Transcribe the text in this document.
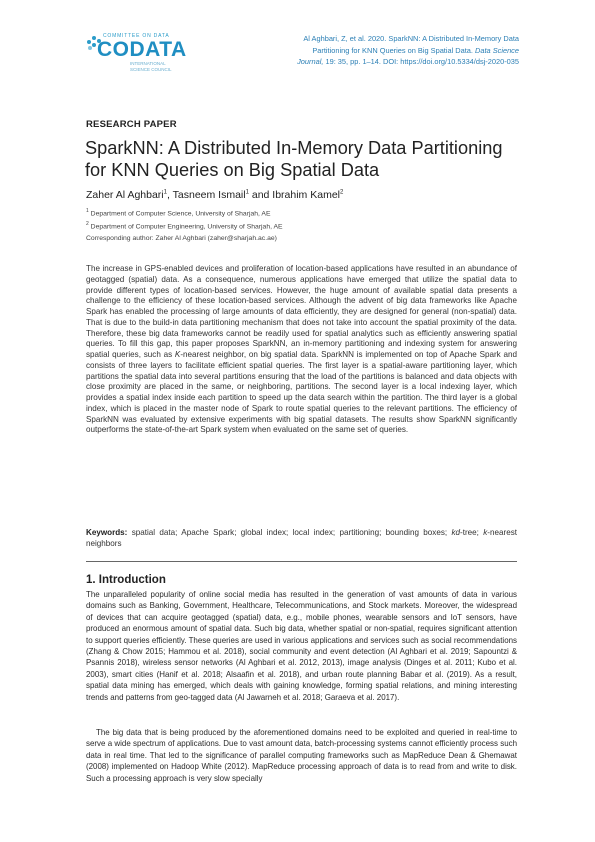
COMMITTEE ON DATA
CODATA
INTERNATIONAL
SCIENCE COUNCIL
Al Aghbari, Z, et al. 2020. SparkNN: A Distributed In-Memory Data
Partitioning for KNN Queries on Big Spatial Data. Data Science
Journal, 19: 35, pp. 1–14. DOI: https://doi.org/10.5334/dsj-2020-035
RESEARCH PAPER
SparkNN: A Distributed In-Memory Data Partitioning
for KNN Queries on Big Spatial Data
Zaher Al Aghbari$^1$, Tasneem Ismail$^1$ and Ibrahim Kamel$^2$
$^1$ Department of Computer Science, University of Sharjah, AE
$^2$ Department of Computer Engineering, University of Sharjah, AE
Corresponding author: Zaher Al Aghbari (zaher@sharjah.ac.ae)

The increase in GPS-enabled devices and proliferation of location-based applications have resulted in an abundance of geotagged (spatial) data. As a consequence, numerous applications have emerged that utilize the spatial data to provide different types of location-based services. However, the huge amount of available spatial data presents a challenge to the efficiency of these location-based services. Although the advent of big data frameworks like Apache Spark has enabled the processing of large amounts of data efficiently, they are designed for general (non-spatial) data. That is due to the build-in data partitioning mechanism that does not take into account the spatial proximity of the data. Therefore, these big data frameworks cannot be readily used for spatial analytics such as efficiently answering spatial queries. To fill this gap, this paper proposes SparkNN, an in-memory partitioning and indexing system for answering spatial queries, such as K-nearest neighbor, on big spatial data. SparkNN is implemented on top of Apache Spark and consists of three layers to facilitate efficient spatial queries. The first layer is a spatial-aware partitioning layer, which partitions the spatial data into several partitions ensuring that the load of the partitions is balanced and data objects with close proximity are placed in the same, or neighboring, partitions. The second layer is a local indexing layer, which provides a spatial index inside each partition to speed up the data search within the partition. The third layer is a global index, which is placed in the master node of Spark to route spatial queries to the relevant partitions. The efficiency of SparkNN was evaluated by extensive experiments with big spatial datasets. The results show SparkNN significantly outperforms the state-of-the-art Spark system when evaluated on the same set of queries.

Keywords: spatial data; Apache Spark; global index; local index; partitioning; bounding boxes; kd-tree; k-nearest neighbors

1. Introduction

The unparalleled popularity of online social media has resulted in the generation of vast amounts of data in various domains such as Banking, Government, Healthcare, Telecommunications, and Stock markets. Moreover, the widespread of devices that can acquire geotagged (spatial) data, e.g., mobile phones, wearable sensors and IoT sensors, have produced an enormous amount of spatial data. Such big data, whether spatial or non-spatial, requires significant attention to support queries efficiently. These queries are used in various applications and services such as social recommendations (Zhang & Chow 2015; Hammou et al. 2018), social community and event detection (Al Aghbari et al. 2019; Sapountzi & Psannis 2018), wireless sensor networks (Al Aghbari et al. 2012, 2013), image analysis (Dinges et al. 2011; Kubo et al. 2003), smart cities (Hanif et al. 2018; Alsaafin et al. 2018), and urban route planning Babar et al. (2019). As a result, spatial data mining has emerged, which deals with gaining knowledge, forming spatial relations, and mining interesting trends and patterns from geo-tagged data (Al Jawarneh et al. 2018; Garaeva et al. 2017).

The big data that is being produced by the aforementioned domains need to be exploited and queried in real-time to serve a wide spectrum of applications. Due to vast amount data, batch-processing systems cannot efficiently process such data in real time. That led to the significance of parallel computing frameworks such as MapReduce Dean & Ghemawat (2008) implemented on Hadoop White (2012). MapReduce processing approach of data is to read from and write to disk. Such a processing approach is very slow specially
